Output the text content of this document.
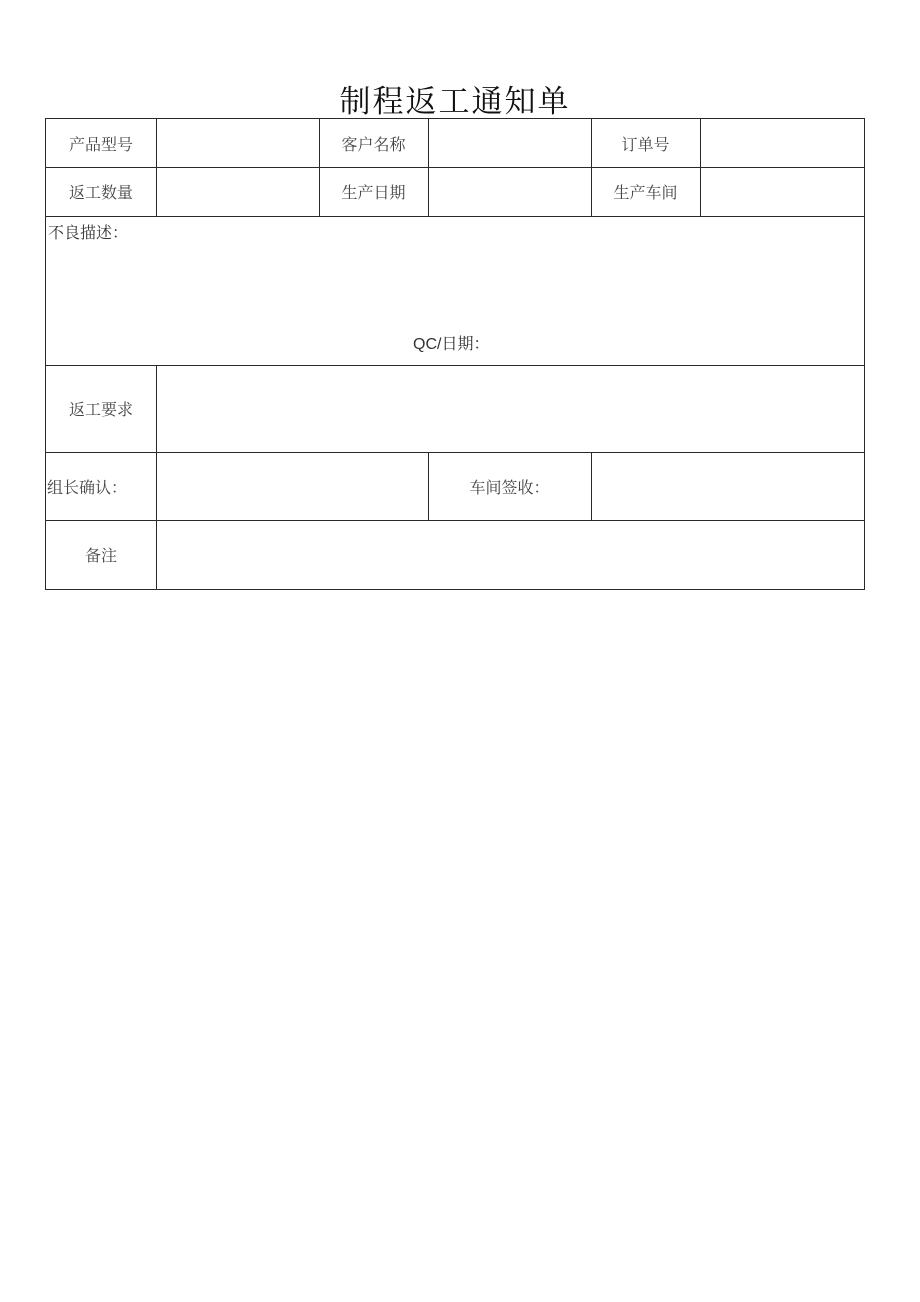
制程返工通知单
产品型号	客户名称	订单号
返工数量	生产日期	生产车间
不良描述：
QC/日期：
返工要求
组长确认：	车间签收：
备注
